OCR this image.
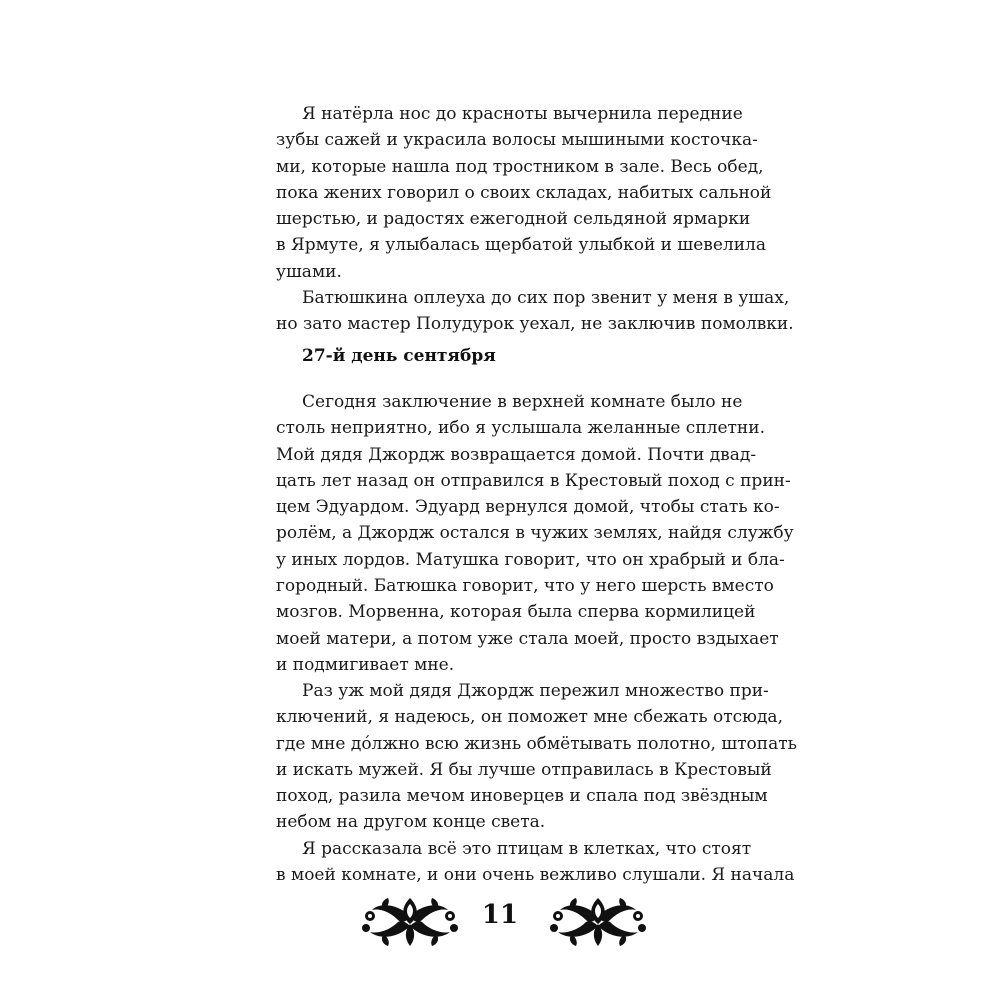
Я натёрла нос до красноты вычернила передние
зубы сажей и украсила волосы мышиными косточка-
ми, которые нашла под тростником в зале. Весь обед,
пока жених говорил о своих складах, набитых сальной
шерстью, и радостях ежегодной сельдяной ярмарки
в Ярмуте, я улыбалась щербатой улыбкой и шевелила
ушами.
Батюшкина оплеуха до сих пор звенит у меня в ушах,
но зато мастер Полудурок уехал, не заключив помолвки.
27-й день сентября
Сегодня заключение в верхней комнате было не
столь неприятно, ибо я услышала желанные сплетни.
Мой дядя Джордж возвращается домой. Почти двад-
цать лет назад он отправился в Крестовый поход с прин-
цем Эдуардом. Эдуард вернулся домой, чтобы стать ко-
ролём, а Джордж остался в чужих землях, найдя службу
у иных лордов. Матушка говорит, что он храбрый и бла-
городный. Батюшка говорит, что у него шерсть вместо
мозгов. Морвенна, которая была сперва кормилицей
моей матери, а потом уже стала моей, просто вздыхает
и подмигивает мне.
Раз уж мой дядя Джордж пережил множество при-
ключений, я надеюсь, он поможет мне сбежать отсюда,
где мне дóлжно всю жизнь обмётывать полотно, штопать
и искать мужей. Я бы лучше отправилась в Крестовый
поход, разила мечом иноверцев и спала под звёздным
небом на другом конце света.
Я рассказала всё это птицам в клетках, что стоят
в моей комнате, и они очень вежливо слушали. Я начала
11
